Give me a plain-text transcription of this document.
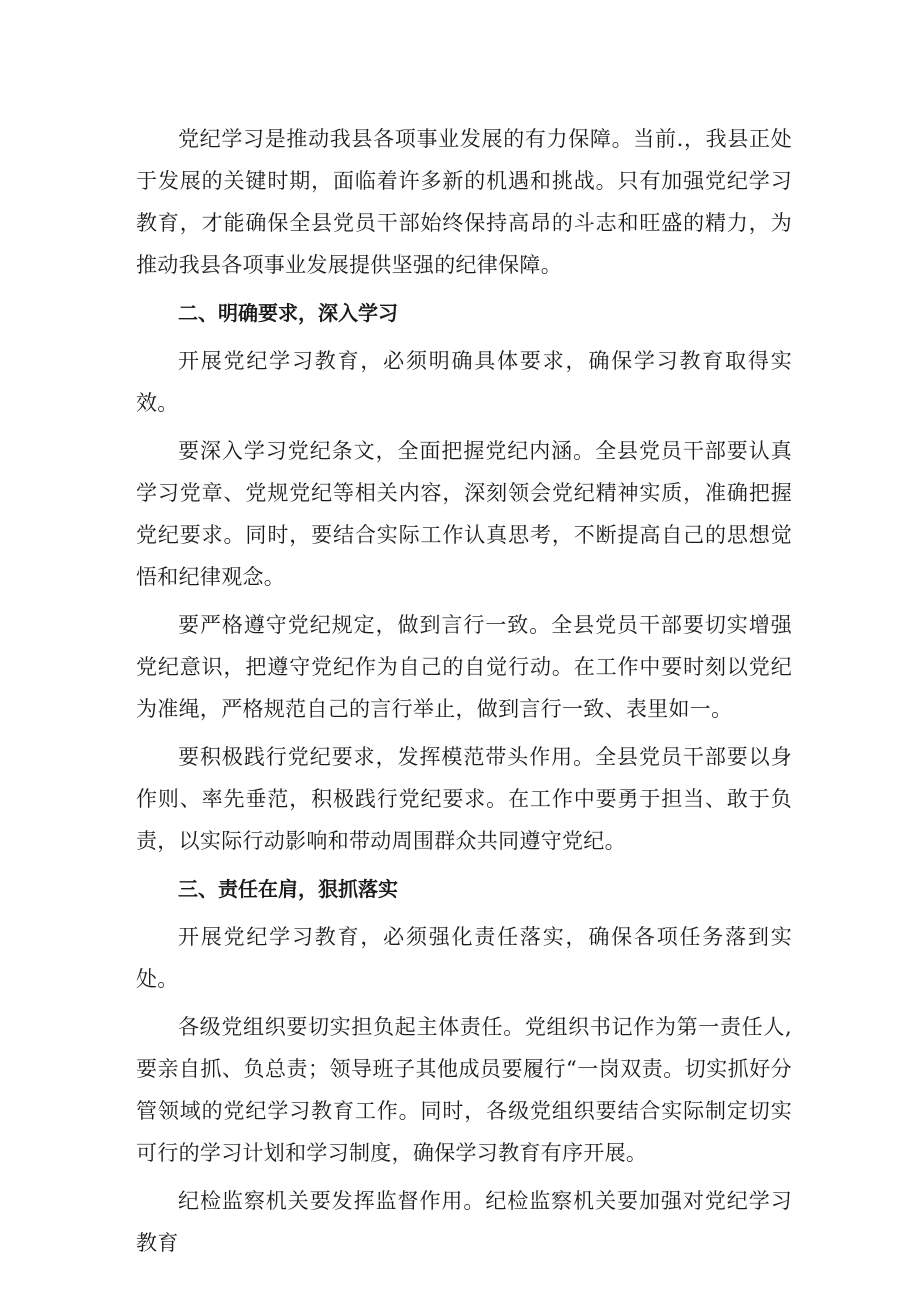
党纪学习是推动我县各项事业发展的有力保障。当前.，我县正处于发展的关键时期，面临着许多新的机遇和挑战。只有加强党纪学习教育，才能确保全县党员干部始终保持高昂的斗志和旺盛的精力，为推动我县各项事业发展提供坚强的纪律保障。

二、明确要求，深入学习

开展党纪学习教育，必须明确具体要求，确保学习教育取得实效。

要深入学习党纪条文，全面把握党纪内涵。全县党员干部要认真学习党章、党规党纪等相关内容，深刻领会党纪精神实质，准确把握党纪要求。同时，要结合实际工作认真思考，不断提高自己的思想觉悟和纪律观念。

要严格遵守党纪规定，做到言行一致。全县党员干部要切实增强党纪意识，把遵守党纪作为自己的自觉行动。在工作中要时刻以党纪为准绳，严格规范自己的言行举止，做到言行一致、表里如一。

要积极践行党纪要求，发挥模范带头作用。全县党员干部要以身作则、率先垂范，积极践行党纪要求。在工作中要勇于担当、敢于负责，以实际行动影响和带动周围群众共同遵守党纪。

三、责任在肩，狠抓落实

开展党纪学习教育，必须强化责任落实，确保各项任务落到实处。

各级党组织要切实担负起主体责任。党组织书记作为第一责任人,要亲自抓、负总责；领导班子其他成员要履行“一岗双责。切实抓好分管领域的党纪学习教育工作。同时，各级党组织要结合实际制定切实可行的学习计划和学习制度，确保学习教育有序开展。

纪检监察机关要发挥监督作用。纪检监察机关要加强对党纪学习教育
